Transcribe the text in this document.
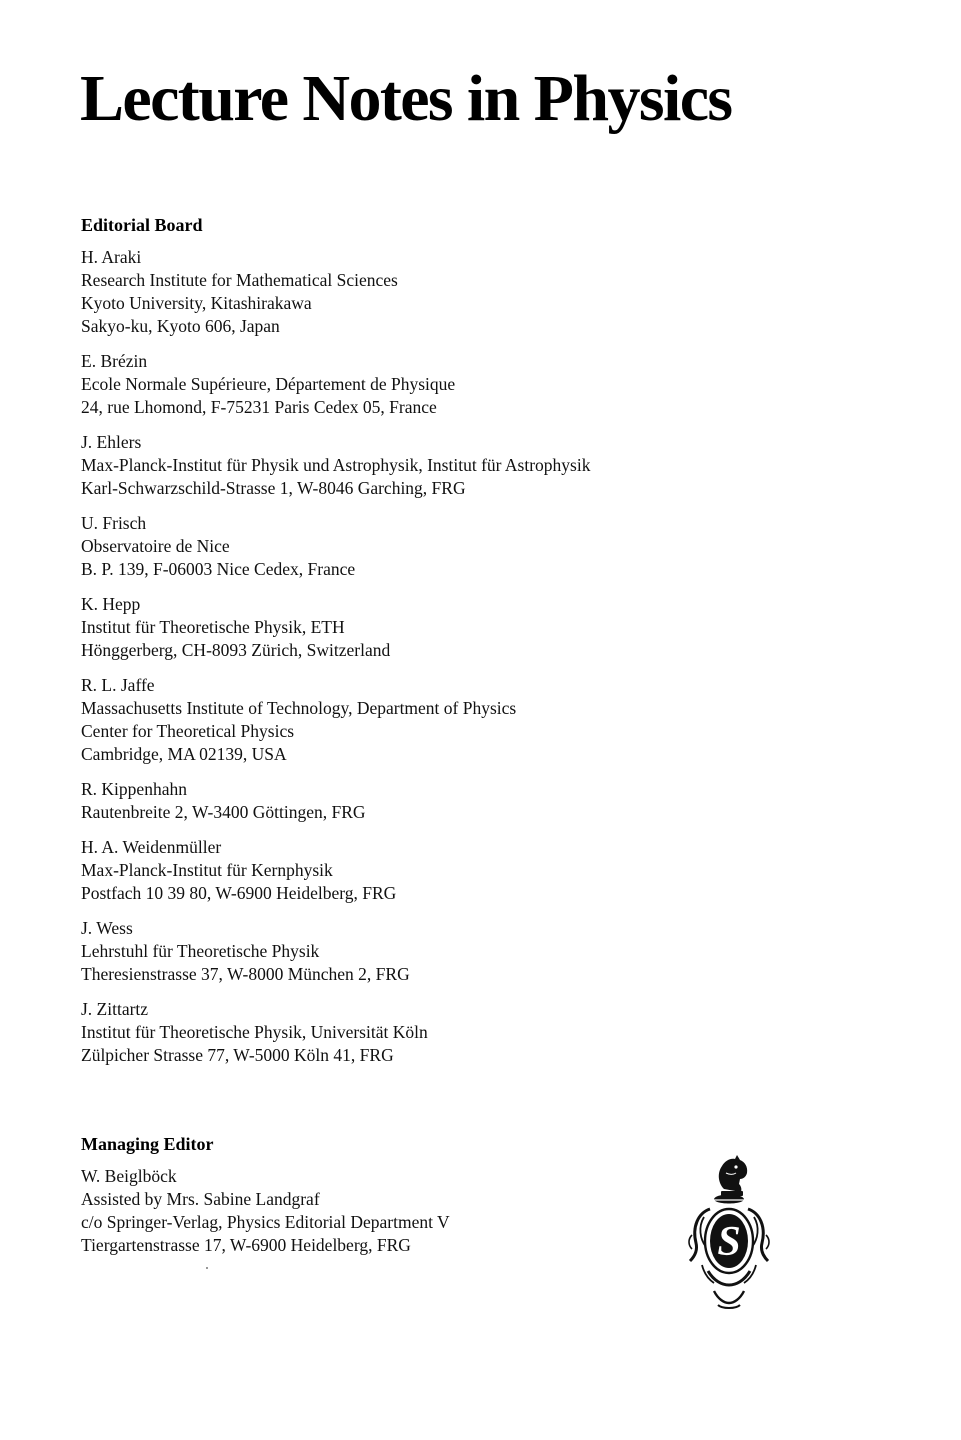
Lecture Notes in Physics
Editorial Board
H. Araki
Research Institute for Mathematical Sciences
Kyoto University, Kitashirakawa
Sakyo-ku, Kyoto 606, Japan
E. Brézin
Ecole Normale Supérieure, Département de Physique
24, rue Lhomond, F-75231 Paris Cedex 05, France
J. Ehlers
Max-Planck-Institut für Physik und Astrophysik, Institut für Astrophysik
Karl-Schwarzschild-Strasse 1, W-8046 Garching, FRG
U. Frisch
Observatoire de Nice
B. P. 139, F-06003 Nice Cedex, France
K. Hepp
Institut für Theoretische Physik, ETH
Hönggerberg, CH-8093 Zürich, Switzerland
R. L. Jaffe
Massachusetts Institute of Technology, Department of Physics
Center for Theoretical Physics
Cambridge, MA 02139, USA
R. Kippenhahn
Rautenbreite 2, W-3400 Göttingen, FRG
H. A. Weidenmüller
Max-Planck-Institut für Kernphysik
Postfach 10 39 80, W-6900 Heidelberg, FRG
J. Wess
Lehrstuhl für Theoretische Physik
Theresienstrasse 37, W-8000 München 2, FRG
J. Zittartz
Institut für Theoretische Physik, Universität Köln
Zülpicher Strasse 77, W-5000 Köln 41, FRG
Managing Editor
W. Beiglböck
Assisted by Mrs. Sabine Landgraf
c/o Springer-Verlag, Physics Editorial Department V
Tiergartenstrasse 17, W-6900 Heidelberg, FRG	S
